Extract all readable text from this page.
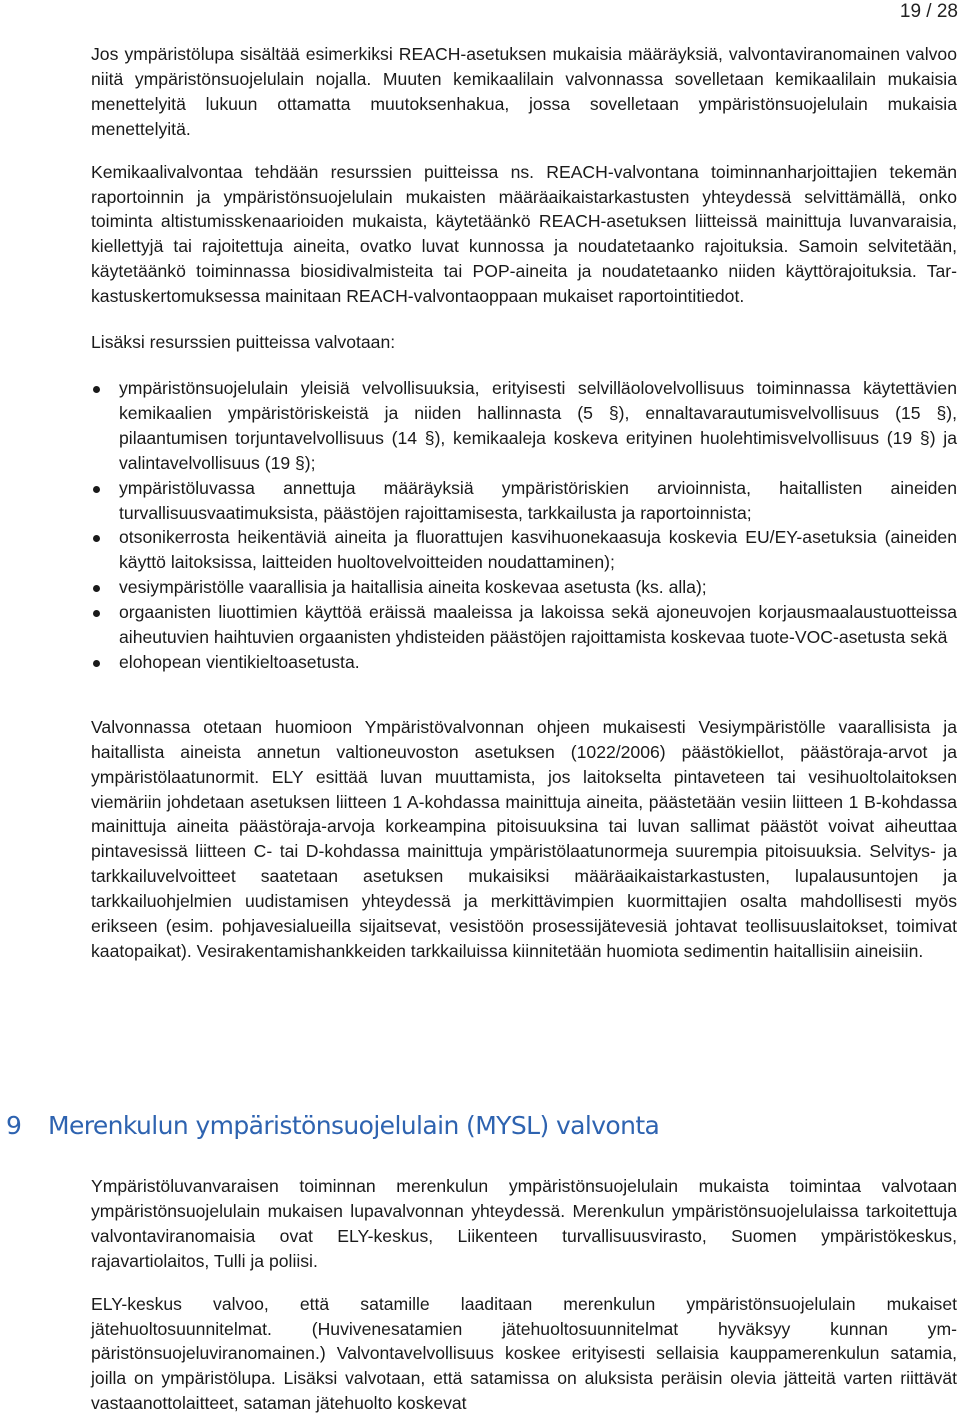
19 / 28

Jos ympäristölupa sisältää esimerkiksi REACH-asetuksen mukaisia määräyksiä, valvontaviranomainen valvoo niitä ympäristönsuojelulain nojalla. Muuten kemikaalilain valvonnassa sovelletaan kemikaalilain mukaisia menettelyitä lukuun ottamatta muutoksenhakua, jossa sovelletaan ympäristönsuojelulain mukaisia menettelyitä.

Kemikaalivalvontaa tehdään resurssien puitteissa ns. REACH-valvontana toiminnanharjoittajien tekemän raportoinnin ja ympäristönsuojelulain mukaisten määräaikaistarkastusten yhteydessä selvittämällä, onko toiminta altistumisskenaarioiden mukaista, käytetäänkö REACH-asetuksen liitteissä mainittuja luvanvaraisia, kiellettyjä tai rajoitettuja aineita, ovatko luvat kunnossa ja noudatetaanko rajoituksia. Samoin selvitetään, käytetäänkö toiminnassa biosidivalmisteita tai POP-aineita ja noudatetaanko niiden käyttörajoituksia. Tarkastuskertomuksessa mainitaan REACH-valvontaoppaan mukaiset raportointitiedot.

Lisäksi resurssien puitteissa valvotaan:

ympäristönsuojelulain yleisiä velvollisuuksia, erityisesti selvilläolovelvollisuus toiminnassa käytettävien kemikaalien ympäristöriskeistä ja niiden hallinnasta (5 §), ennaltavarautumisvelvollisuus (15 §), pilaantumisen torjuntavelvollisuus (14 §), kemikaaleja koskeva erityinen huolehtimisvelvollisuus (19 §) ja valintavelvollisuus (19 §);
ympäristöluvassa annettuja määräyksiä ympäristöriskien arvioinnista, haitallisten aineiden turvallisuusvaatimuksista, päästöjen rajoittamisesta, tarkkailusta ja raportoinnista;
otsonikerrosta heikentäviä aineita ja fluorattujen kasvihuonekaasuja koskevia EU/EY-asetuksia (aineiden käyttö laitoksissa, laitteiden huoltovelvoitteiden noudattaminen);
vesiympäristölle vaarallisia ja haitallisia aineita koskevaa asetusta (ks. alla);
orgaanisten liuottimien käyttöä eräissä maaleissa ja lakoissa sekä ajoneuvojen korjausmaalaustuotteissa aiheutuvien haihtuvien orgaanisten yhdisteiden päästöjen rajoittamista koskevaa tuote-VOC-asetusta sekä
elohopean vientikieltoasetusta.

Valvonnassa otetaan huomioon Ympäristövalvonnan ohjeen mukaisesti Vesiympäristölle vaarallisista ja haitallista aineista annetun valtioneuvoston asetuksen (1022/2006) päästökiellot, päästöraja-arvot ja ympäristölaatunormit. ELY esittää luvan muuttamista, jos laitokselta pintaveteen tai vesihuoltolaitoksen viemäriin johdetaan asetuksen liitteen 1 A-kohdassa mainittuja aineita, päästetään vesiin liitteen 1 B-kohdassa mainittuja aineita päästöraja-arvoja korkeampina pitoisuuksina tai luvan sallimat päästöt voivat aiheuttaa pintavesissä liitteen C- tai D-kohdassa mainittuja ympäristölaatunormeja suurempia pitoisuuksia. Selvitys- ja tarkkailuvelvoitteet saatetaan asetuksen mukaisiksi määräaikaistarkastusten, lupalausuntojen ja tarkkailuohjelmien uudistamisen yhteydessä ja merkittävimpien kuormittajien osalta mahdollisesti myös erikseen (esim. pohjavesialueilla sijaitsevat, vesistöön prosessijätevesiä johtavat teollisuuslaitokset, toimivat kaatopaikat). Vesirakentamishankkeiden tarkkailuissa kiinnitetään huomiota sedimentin haitallisiin aineisiin.

9 Merenkulun ympäristönsuojelulain (MYSL) valvonta

Ympäristöluvanvaraisen toiminnan merenkulun ympäristönsuojelulain mukaista toimintaa valvotaan ympäristönsuojelulain mukaisen lupavalvonnan yhteydessä. Merenkulun ympäristönsuojelulaissa tarkoitettuja valvontaviranomaisia ovat ELY-keskus, Liikenteen turvallisuusvirasto, Suomen ympäristökeskus, rajavartiolaitos, Tulli ja poliisi.

ELY-keskus valvoo, että satamille laaditaan merenkulun ympäristönsuojelulain mukaiset jätehuoltosuunnitelmat. (Huvivenesatamien jätehuoltosuunnitelmat hyväksyy kunnan ympäristönsuojeluviranomainen.) Valvontavelvollisuus koskee erityisesti sellaisia kauppamerenkulun satamia, joilla on ympäristölupa. Lisäksi valvotaan, että satamissa on aluksista peräisin olevia jätteitä varten riittävät vastaanottolaitteet, sataman jätehuolto koskevat
